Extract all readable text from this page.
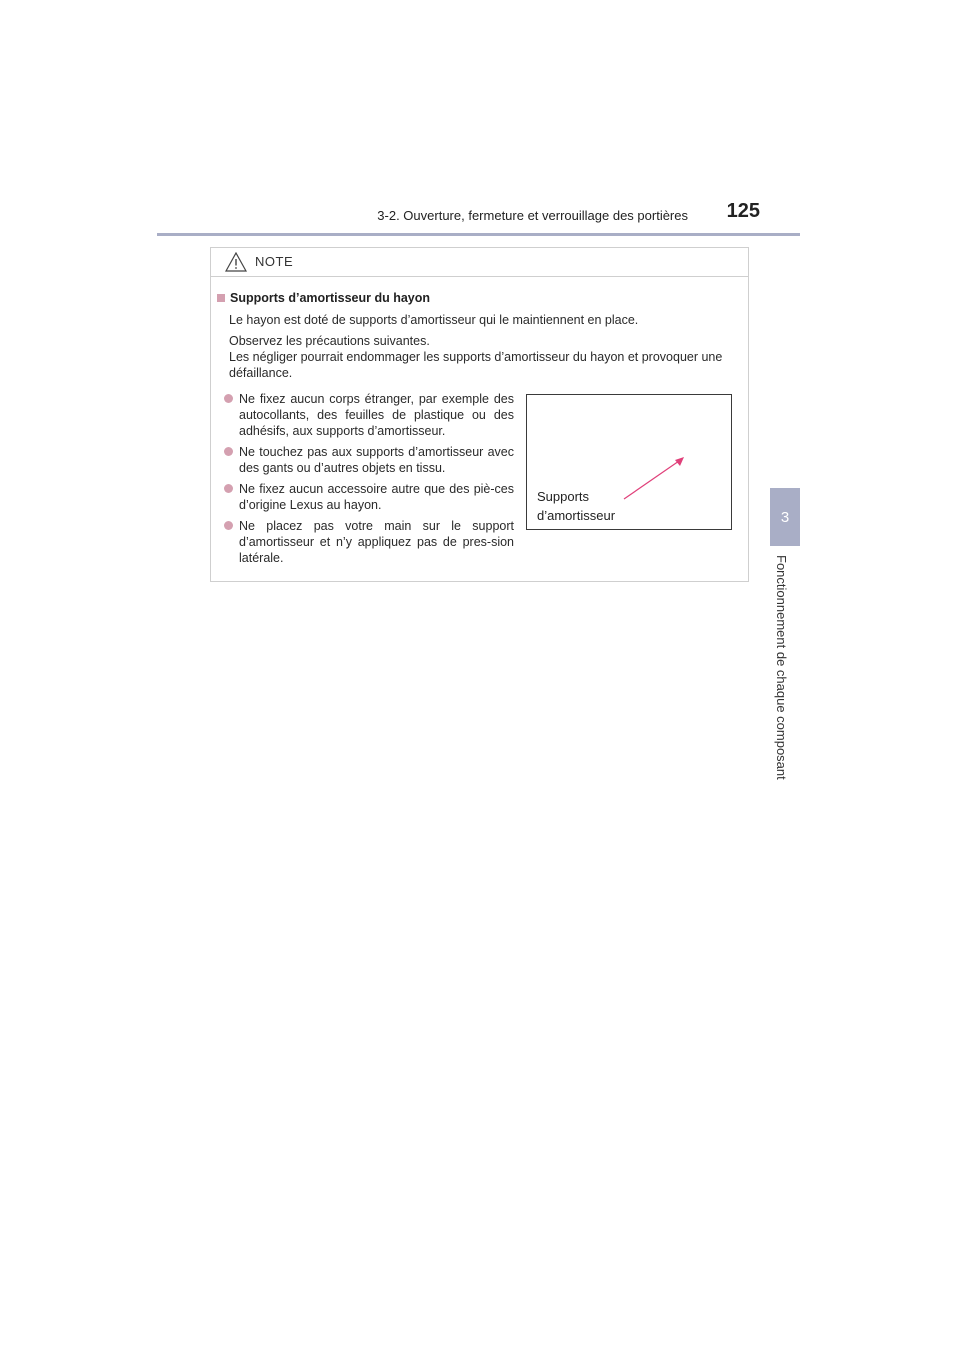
3-2. Ouverture, fermeture et verrouillage des portières	125
3
Fonctionnement de chaque composant
NOTE
Supports d’amortisseur du hayon
Le hayon est doté de supports d’amortisseur qui le maintiennent en place.
Observez les précautions suivantes.
Les négliger pourrait endommager les supports d’amortisseur du hayon et provoquer une défaillance.
Ne fixez aucun corps étranger, par exemple des autocollants, des feuilles de plastique ou des adhésifs, aux supports d’amortisseur.
Ne touchez pas aux supports d’amortisseur avec des gants ou d’autres objets en tissu.
Ne fixez aucun accessoire autre que des piè-ces d’origine Lexus au hayon.
Ne placez pas votre main sur le support d’amortisseur et n’y appliquez pas de pres-sion latérale.
Supports
d’amortisseur
